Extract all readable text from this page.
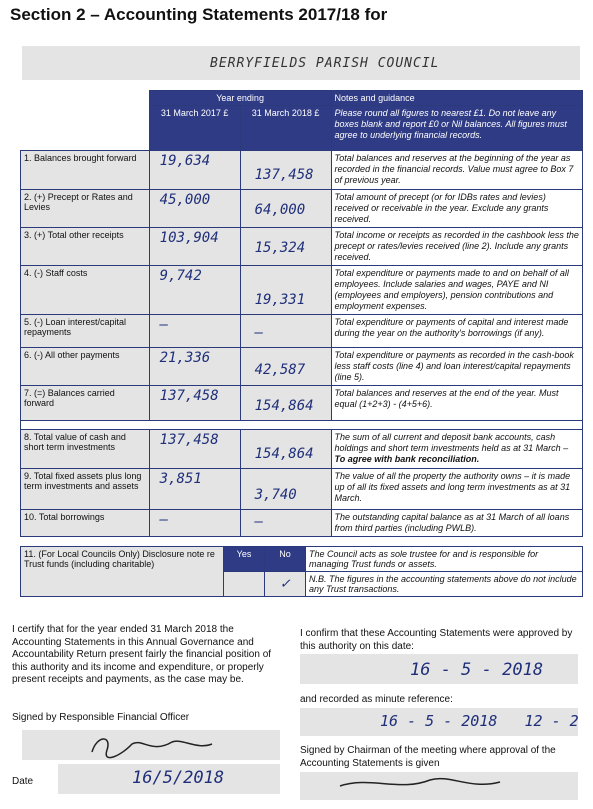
Section 2 – Accounting Statements 2017/18 for
BERRYFIELDS PARISH COUNCIL
	Year ending		Notes and guidance
	31 March 2017 £	31 March 2018 £	Please round all figures to nearest £1. Do not leave any boxes blank and report £0 or Nil balances. All figures must agree to underlying financial records.
1. Balances brought forward	19,634	137,458	Total balances and reserves at the beginning of the year as recorded in the financial records. Value must agree to Box 7 of previous year.
2. (+) Precept or Rates and Levies	45,000	64,000	Total amount of precept (or for IDBs rates and levies) received or receivable in the year. Exclude any grants received.
3. (+) Total other receipts	103,904	15,324	Total income or receipts as recorded in the cashbook less the precept or rates/levies received (line 2). Include any grants received.
4. (-) Staff costs	9,742	19,331	Total expenditure or payments made to and on behalf of all employees. Include salaries and wages, PAYE and NI (employees and employers), pension contributions and employment expenses.
5. (-) Loan interest/capital repayments	–	–	Total expenditure or payments of capital and interest made during the year on the authority's borrowings (if any).
6. (-) All other payments	21,336	42,587	Total expenditure or payments as recorded in the cash-book less staff costs (line 4) and loan interest/capital repayments (line 5).
7. (=) Balances carried forward	137,458	154,864	Total balances and reserves at the end of the year. Must equal (1+2+3) - (4+5+6).

8. Total value of cash and short term investments	137,458	154,864	The sum of all current and deposit bank accounts, cash holdings and short term investments held as at 31 March – To agree with bank reconciliation.
9. Total fixed assets plus long term investments and assets	3,851	3,740	The value of all the property the authority owns – it is made up of all its fixed assets and long term investments as at 31 March.
10. Total borrowings	–	–	The outstanding capital balance as at 31 March of all loans from third parties (including PWLB).
11. (For Local Councils Only) Disclosure note re Trust funds (including charitable)	Yes	No	The Council acts as sole trustee for and is responsible for managing Trust funds or assets.
		✓	N.B. The figures in the accounting statements above do not include any Trust transactions.
I certify that for the year ended 31 March 2018 the Accounting Statements in this Annual Governance and Accountability Return present fairly the financial position of this authority and its income and expenditure, or properly present receipts and payments, as the case may be.
Signed by Responsible Financial Officer
Date	16/5/2018
I confirm that these Accounting Statements were approved by this authority on this date:
16 - 5 - 2018
and recorded as minute reference:
16 - 5 - 2018   12 - 2
Signed by Chairman of the meeting where approval of the Accounting Statements is given
